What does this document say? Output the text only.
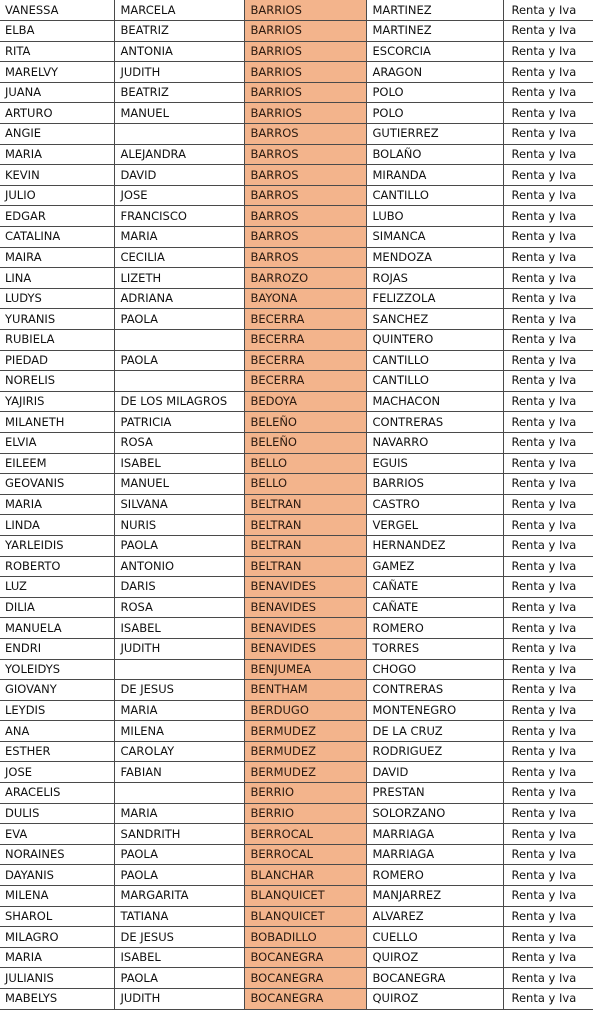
VANESSA	MARCELA	BARRIOS	MARTINEZ	Renta y Iva
ELBA	BEATRIZ	BARRIOS	MARTINEZ	Renta y Iva
RITA	ANTONIA	BARRIOS	ESCORCIA	Renta y Iva
MARELVY	JUDITH	BARRIOS	ARAGON	Renta y Iva
JUANA	BEATRIZ	BARRIOS	POLO	Renta y Iva
ARTURO	MANUEL	BARRIOS	POLO	Renta y Iva
ANGIE		BARROS	GUTIERREZ	Renta y Iva
MARIA	ALEJANDRA	BARROS	BOLAÑO	Renta y Iva
KEVIN	DAVID	BARROS	MIRANDA	Renta y Iva
JULIO	JOSE	BARROS	CANTILLO	Renta y Iva
EDGAR	FRANCISCO	BARROS	LUBO	Renta y Iva
CATALINA	MARIA	BARROS	SIMANCA	Renta y Iva
MAIRA	CECILIA	BARROS	MENDOZA	Renta y Iva
LINA	LIZETH	BARROZO	ROJAS	Renta y Iva
LUDYS	ADRIANA	BAYONA	FELIZZOLA	Renta y Iva
YURANIS	PAOLA	BECERRA	SANCHEZ	Renta y Iva
RUBIELA		BECERRA	QUINTERO	Renta y Iva
PIEDAD	PAOLA	BECERRA	CANTILLO	Renta y Iva
NORELIS		BECERRA	CANTILLO	Renta y Iva
YAJIRIS	DE LOS MILAGROS	BEDOYA	MACHACON	Renta y Iva
MILANETH	PATRICIA	BELEÑO	CONTRERAS	Renta y Iva
ELVIA	ROSA	BELEÑO	NAVARRO	Renta y Iva
EILEEM	ISABEL	BELLO	EGUIS	Renta y Iva
GEOVANIS	MANUEL	BELLO	BARRIOS	Renta y Iva
MARIA	SILVANA	BELTRAN	CASTRO	Renta y Iva
LINDA	NURIS	BELTRAN	VERGEL	Renta y Iva
YARLEIDIS	PAOLA	BELTRAN	HERNANDEZ	Renta y Iva
ROBERTO	ANTONIO	BELTRAN	GAMEZ	Renta y Iva
LUZ	DARIS	BENAVIDES	CAÑATE	Renta y Iva
DILIA	ROSA	BENAVIDES	CAÑATE	Renta y Iva
MANUELA	ISABEL	BENAVIDES	ROMERO	Renta y Iva
ENDRI	JUDITH	BENAVIDES	TORRES	Renta y Iva
YOLEIDYS		BENJUMEA	CHOGO	Renta y Iva
GIOVANY	DE JESUS	BENTHAM	CONTRERAS	Renta y Iva
LEYDIS	MARIA	BERDUGO	MONTENEGRO	Renta y Iva
ANA	MILENA	BERMUDEZ	DE LA CRUZ	Renta y Iva
ESTHER	CAROLAY	BERMUDEZ	RODRIGUEZ	Renta y Iva
JOSE	FABIAN	BERMUDEZ	DAVID	Renta y Iva
ARACELIS		BERRIO	PRESTAN	Renta y Iva
DULIS	MARIA	BERRIO	SOLORZANO	Renta y Iva
EVA	SANDRITH	BERROCAL	MARRIAGA	Renta y Iva
NORAINES	PAOLA	BERROCAL	MARRIAGA	Renta y Iva
DAYANIS	PAOLA	BLANCHAR	ROMERO	Renta y Iva
MILENA	MARGARITA	BLANQUICET	MANJARREZ	Renta y Iva
SHAROL	TATIANA	BLANQUICET	ALVAREZ	Renta y Iva
MILAGRO	DE JESUS	BOBADILLO	CUELLO	Renta y Iva
MARIA	ISABEL	BOCANEGRA	QUIROZ	Renta y Iva
JULIANIS	PAOLA	BOCANEGRA	BOCANEGRA	Renta y Iva
MABELYS	JUDITH	BOCANEGRA	QUIROZ	Renta y Iva
